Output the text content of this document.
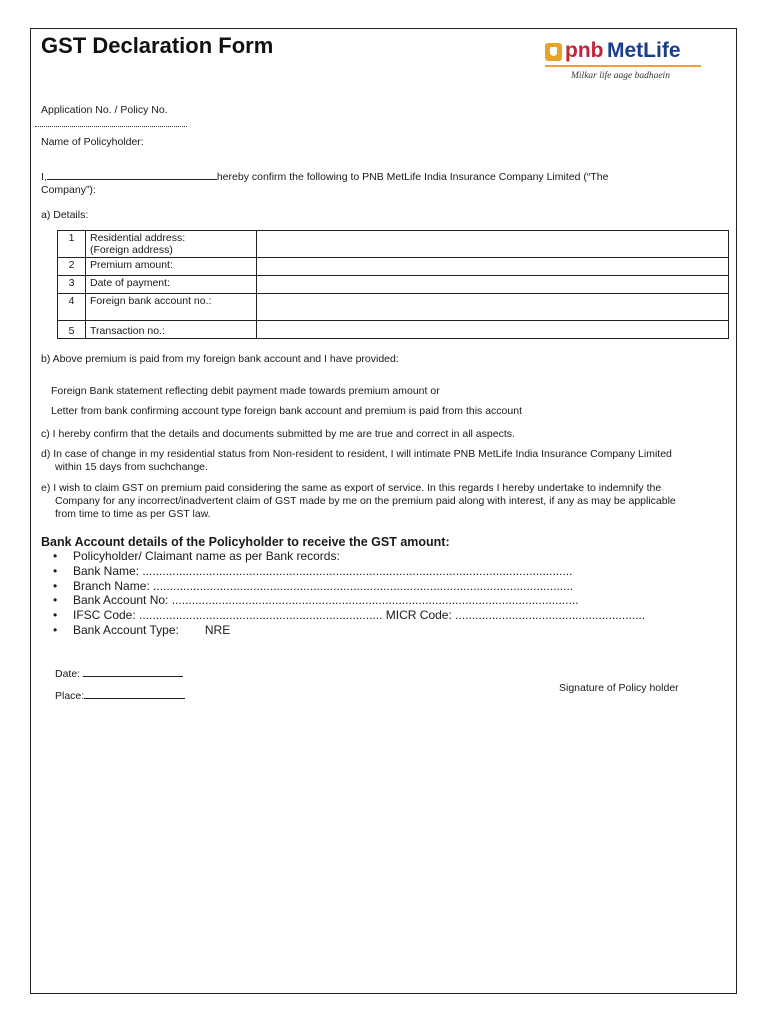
GST Declaration Form	pnb MetLife
Milkar life aage badhaein
Application No. / Policy No.
Name of Policyholder:
I,	hereby confirm the following to PNB MetLife India Insurance Company Limited (“The
Company”):
a) Details:
1	Residential address:
(Foreign address)	

2	Premium amount:	
3	Date of payment:	
4	Foreign bank account no.:	
5	Transaction no.:	
b) Above premium is paid from my foreign bank account and I have provided:
Foreign Bank statement reflecting debit payment made towards premium amount or
Letter from bank confirming account type foreign bank account and premium is paid from this account
c) I hereby confirm that the details and documents submitted by me are true and correct in all aspects.
d) In case of change in my residential status from Non-resident to resident, I will intimate PNB MetLife India Insurance Company Limited
within 15 days from suchchange.
e) I wish to claim GST on premium paid considering the same as export of service. In this regards I hereby undertake to indemnify the
Company for any incorrect/inadvertent claim of GST made by me on the premium paid along with interest, if any as may be applicable
from time to time as per GST law.
Bank Account details of the Policyholder to receive the GST amount:
• Policyholder/ Claimant name as per Bank records:
• Bank Name: .................................................................................................................................
• Branch Name: ..............................................................................................................................
• Bank Account No: ..........................................................................................................................
• IFSC Code: ......................................................................... MICR Code: .........................................................
• Bank Account Type: NRE
Date:
Place:
Signature of Policy holder
